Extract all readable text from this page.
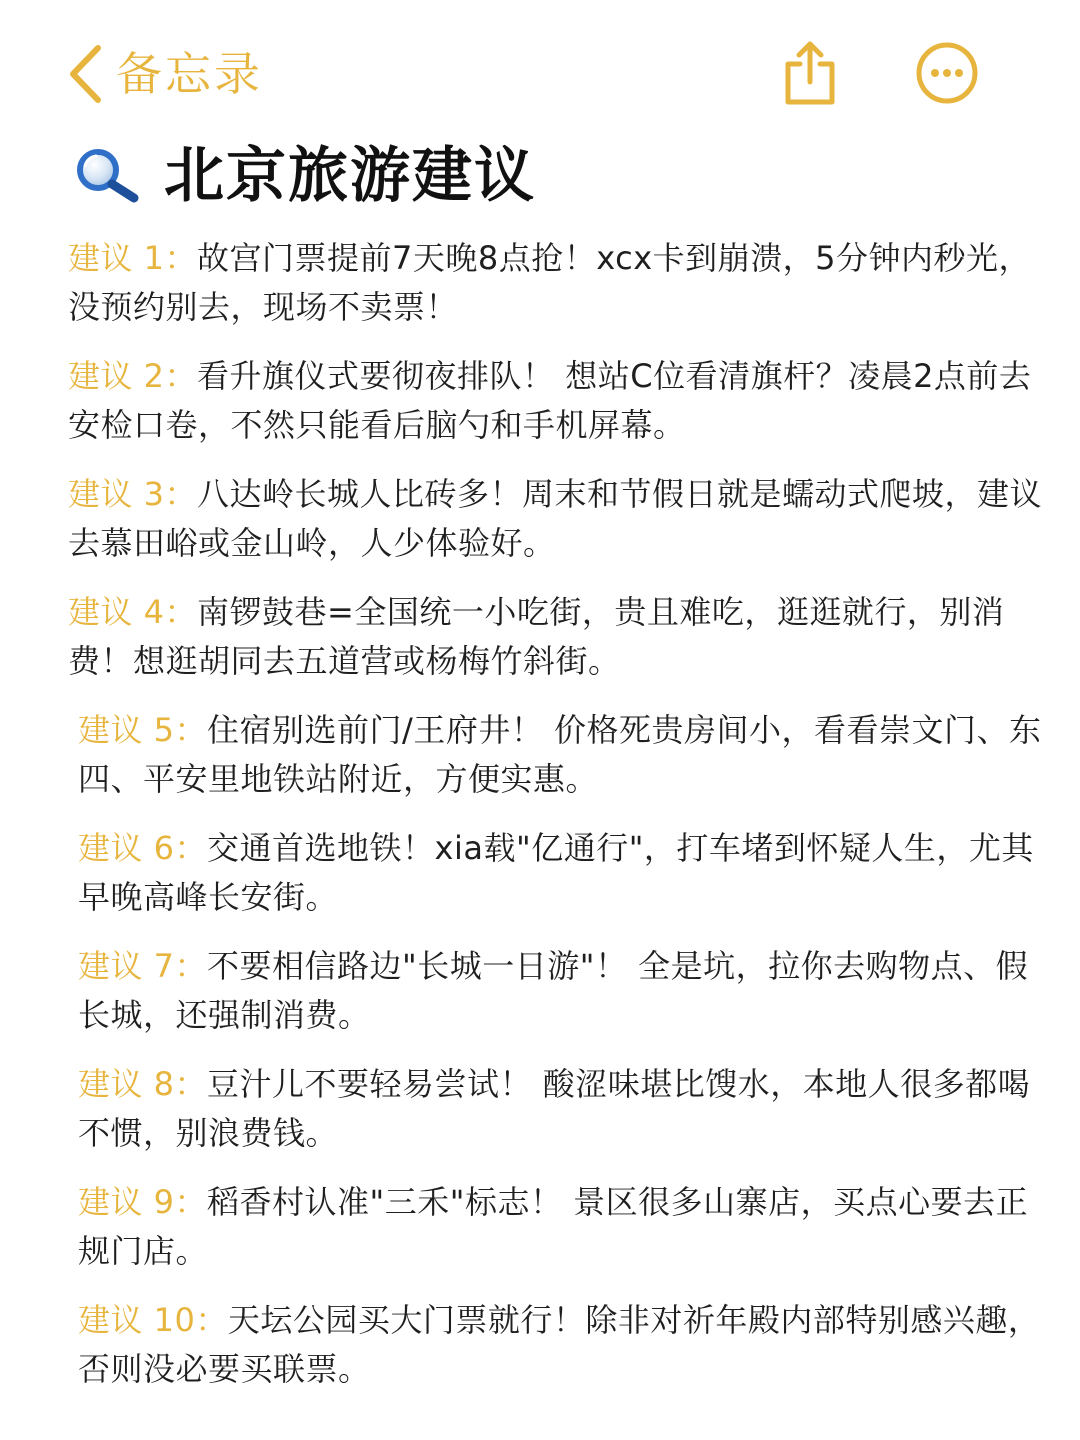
备忘录
北京旅游建议
建议 1：故宫门票提前7天晚8点抢！xcx卡到崩溃，5分钟内秒光，没预约别去，现场不卖票！
建议 2：看升旗仪式要彻夜排队！ 想站C位看清旗杆？凌晨2点前去安检口卷，不然只能看后脑勺和手机屏幕。
建议 3：八达岭长城人比砖多！周末和节假日就是蠕动式爬坡，建议去慕田峪或金山岭，人少体验好。
建议 4：南锣鼓巷=全国统一小吃街，贵且难吃，逛逛就行，别消费！想逛胡同去五道营或杨梅竹斜街。
建议 5：住宿别选前门/王府井！ 价格死贵房间小，看看崇文门、东四、平安里地铁站附近，方便实惠。
建议 6：交通首选地铁！xia载"亿通行"，打车堵到怀疑人生，尤其早晚高峰长安街。
建议 7：不要相信路边"长城一日游"！ 全是坑，拉你去购物点、假长城，还强制消费。
建议 8：豆汁儿不要轻易尝试！ 酸涩味堪比馊水，本地人很多都喝不惯，别浪费钱。
建议 9：稻香村认准"三禾"标志！ 景区很多山寨店，买点心要去正规门店。
建议 10：天坛公园买大门票就行！除非对祈年殿内部特别感兴趣，否则没必要买联票。
